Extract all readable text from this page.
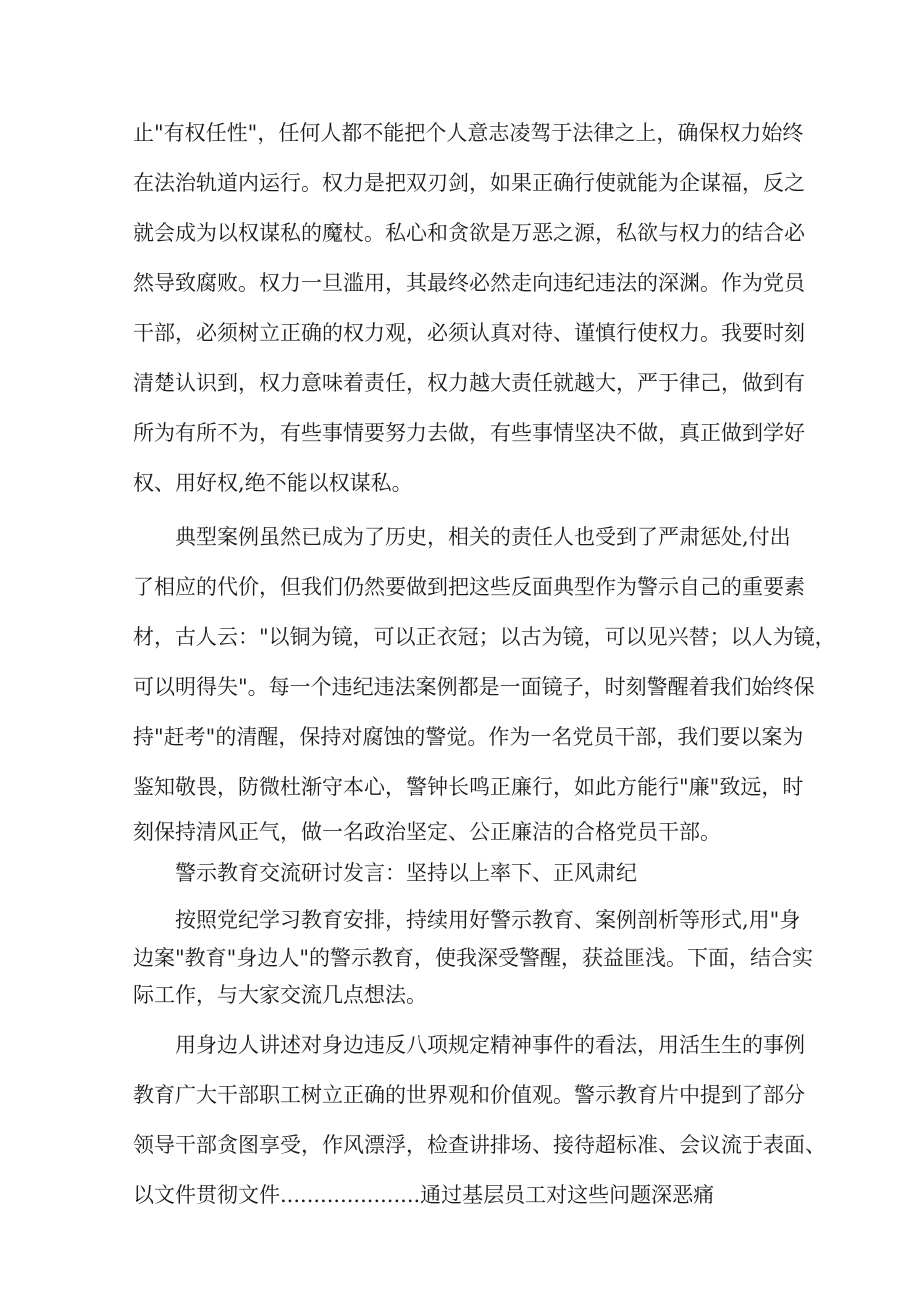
止"有权任性"，任何人都不能把个人意志凌驾于法律之上，确保权力始终
在法治轨道内运行。权力是把双刃剑，如果正确行使就能为企谋福，反之
就会成为以权谋私的魔杖。私心和贪欲是万恶之源，私欲与权力的结合必
然导致腐败。权力一旦滥用，其最终必然走向违纪违法的深渊。作为党员
干部，必须树立正确的权力观，必须认真对待、谨慎行使权力。我要时刻
清楚认识到，权力意味着责任，权力越大责任就越大，严于律己，做到有
所为有所不为，有些事情要努力去做，有些事情坚决不做，真正做到学好
权、用好权,绝不能以权谋私。
典型案例虽然已成为了历史，相关的责任人也受到了严肃惩处,付出
了相应的代价，但我们仍然要做到把这些反面典型作为警示自己的重要素
材，古人云："以铜为镜，可以正衣冠；以古为镜，可以见兴替；以人为镜，
可以明得失"。每一个违纪违法案例都是一面镜子，时刻警醒着我们始终保
持"赶考"的清醒，保持对腐蚀的警觉。作为一名党员干部，我们要以案为
鉴知敬畏，防微杜渐守本心，警钟长鸣正廉行，如此方能行"廉"致远，时
刻保持清风正气，做一名政治坚定、公正廉洁的合格党员干部。
警示教育交流研讨发言：坚持以上率下、正风肃纪
按照党纪学习教育安排，持续用好警示教育、案例剖析等形式,用"身
边案"教育"身边人"的警示教育，使我深受警醒，获益匪浅。下面，结合实
际工作，与大家交流几点想法。
用身边人讲述对身边违反八项规定精神事件的看法，用活生生的事例
教育广大干部职工树立正确的世界观和价值观。警示教育片中提到了部分
领导干部贪图享受，作风漂浮，检查讲排场、接待超标准、会议流于表面、
以文件贯彻文件.....................通过基层员工对这些问题深恶痛
